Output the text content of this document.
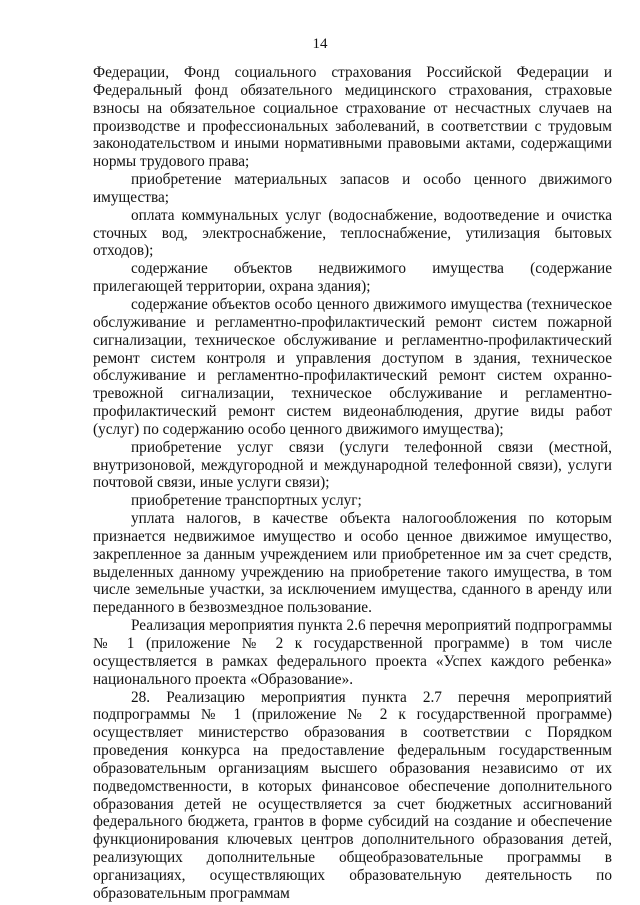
14

Федерации, Фонд социального страхования Российской Федерации и Федеральный фонд обязательного медицинского страхования, страховые взносы на обязательное социальное страхование от несчастных случаев на производстве и профессиональных заболеваний, в соответствии с трудовым законодательством и иными нормативными правовыми актами, содержащими нормы трудового права;

приобретение материальных запасов и особо ценного движимого имущества;

оплата коммунальных услуг (водоснабжение, водоотведение и очистка сточных вод, электроснабжение, теплоснабжение, утилизация бытовых отходов);

содержание объектов недвижимого имущества (содержание прилегающей территории, охрана здания);

содержание объектов особо ценного движимого имущества (техническое обслуживание и регламентно-профилактический ремонт систем пожарной сигнализации, техническое обслуживание и регламентно-профилактический ремонт систем контроля и управления доступом в здания, техническое обслуживание и регламентно-профилактический ремонт систем охранно-тревожной сигнализации, техническое обслуживание и регламентно-профилактический ремонт систем видеонаблюдения, другие виды работ (услуг) по содержанию особо ценного движимого имущества);

приобретение услуг связи (услуги телефонной связи (местной, внутризоновой, междугородной и международной телефонной связи), услуги почтовой связи, иные услуги связи);

приобретение транспортных услуг;

уплата налогов, в качестве объекта налогообложения по которым признается недвижимое имущество и особо ценное движимое имущество, закрепленное за данным учреждением или приобретенное им за счет средств, выделенных данному учреждению на приобретение такого имущества, в том числе земельные участки, за исключением имущества, сданного в аренду или переданного в безвозмездное пользование.

Реализация мероприятия пункта 2.6 перечня мероприятий подпрограммы № 1 (приложение № 2 к государственной программе) в том числе осуществляется в рамках федерального проекта «Успех каждого ребенка» национального проекта «Образование».

28. Реализацию мероприятия пункта 2.7 перечня мероприятий подпрограммы № 1 (приложение № 2 к государственной программе) осуществляет министерство образования в соответствии с Порядком проведения конкурса на предоставление федеральным государственным образовательным организациям высшего образования независимо от их подведомственности, в которых финансовое обеспечение дополнительного образования детей не осуществляется за счет бюджетных ассигнований федерального бюджета, грантов в форме субсидий на создание и обеспечение функционирования ключевых центров дополнительного образования детей, реализующих дополнительные общеобразовательные программы в организациях, осуществляющих образовательную деятельность по образовательным программам
